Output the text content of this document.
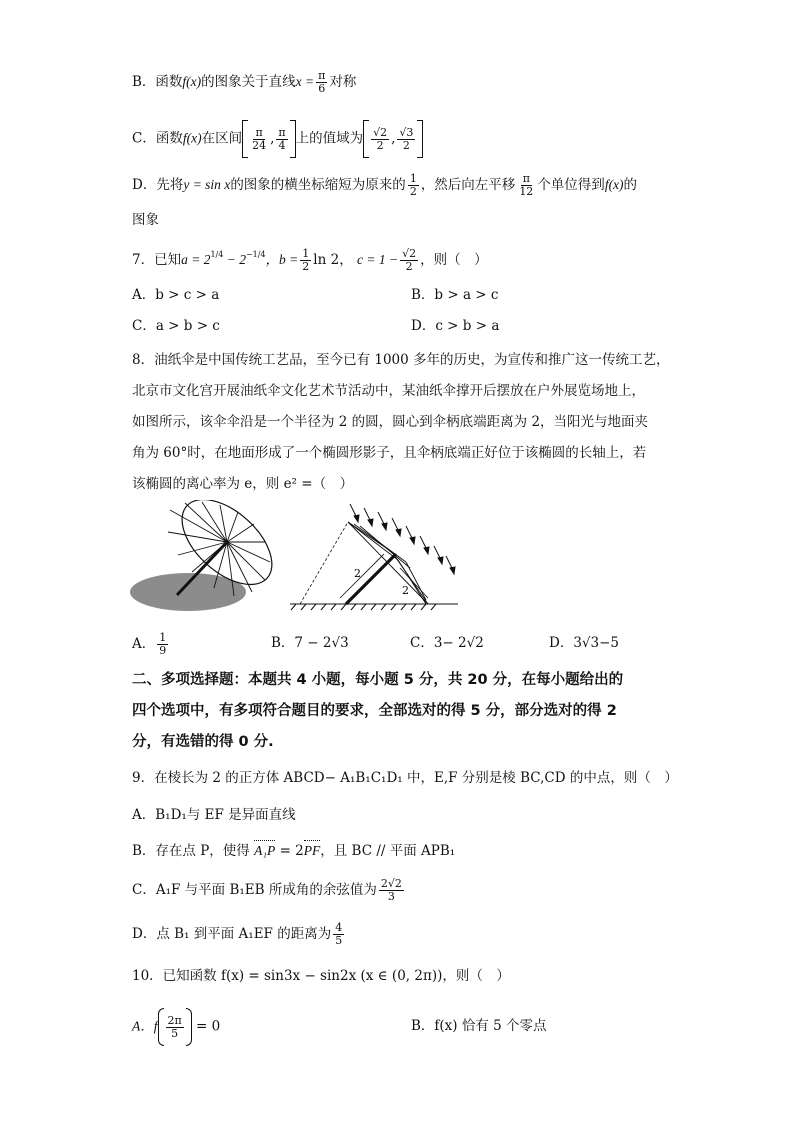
B．函数f(x)的图象关于直线$x = \frac{\pi}{6}$ 对称
C．函数f(x)在区间 $\frac{\pi}{24}$ , $\frac{\pi}{4}$ 上的值域为 $\frac{√2}{2}$ , $\frac{√3}{2}$
D．先将y = sin x的图象的横坐标缩短为原来的 $\frac{1}{2}$ ，然后向左平移 $\frac{\pi}{12}$ 个单位得到f(x)的
图象
7．已知$a = 2^{1/4} - 2^{-1/4}$，$b = \frac{1}{2}$ ln 2， $c = 1 - \frac{√2}{2}$ ，则（　）
A．b > c > a	B．b > a > c
C．a > b > c	D．c > b > a
8．油纸伞是中国传统工艺品，至今已有 1000 多年的历史，为宣传和推广这一传统工艺，
北京市文化宫开展油纸伞文化艺术节活动中，某油纸伞撑开后摆放在户外展览场地上，
如图所示，该伞伞沿是一个半径为 2 的圆，圆心到伞柄底端距离为 2，当阳光与地面夹
角为 60°时，在地面形成了一个椭圆形影子，且伞柄底端正好位于该椭圆的长轴上，若
该椭圆的离心率为 e，则 e² =（　）
2
2
A． $\frac{1}{9}$	B．7 − 2√3	C．3− 2√2	D．3√3−5
二、多项选择题：本题共 4 小题，每小题 5 分，共 20 分，在每小题给出的
四个选项中，有多项符合题目的要求，全部选对的得 5 分，部分选对的得 2
分，有选错的得 0 分.
9．在棱长为 2 的正方体 ABCD− A₁B₁C₁D₁ 中，E,F 分别是棱 BC,CD 的中点，则（　）
A．B₁D₁与 EF 是异面直线
B．存在点 P，使得 A₁P = 2PF，且 BC // 平面 APB₁
C．A₁F 与平面 B₁EB 所成角的余弦值为 $\frac{2√2}{3}$
D．点 B₁ 到平面 A₁EF 的距离为 $\frac{4}{5}$
10．已知函数 f(x) = sin3x − sin2x (x ∈ (0, 2π))，则（　）
A．f $\frac{2\pi}{5} = 0$	B．f(x) 恰有 5 个零点
